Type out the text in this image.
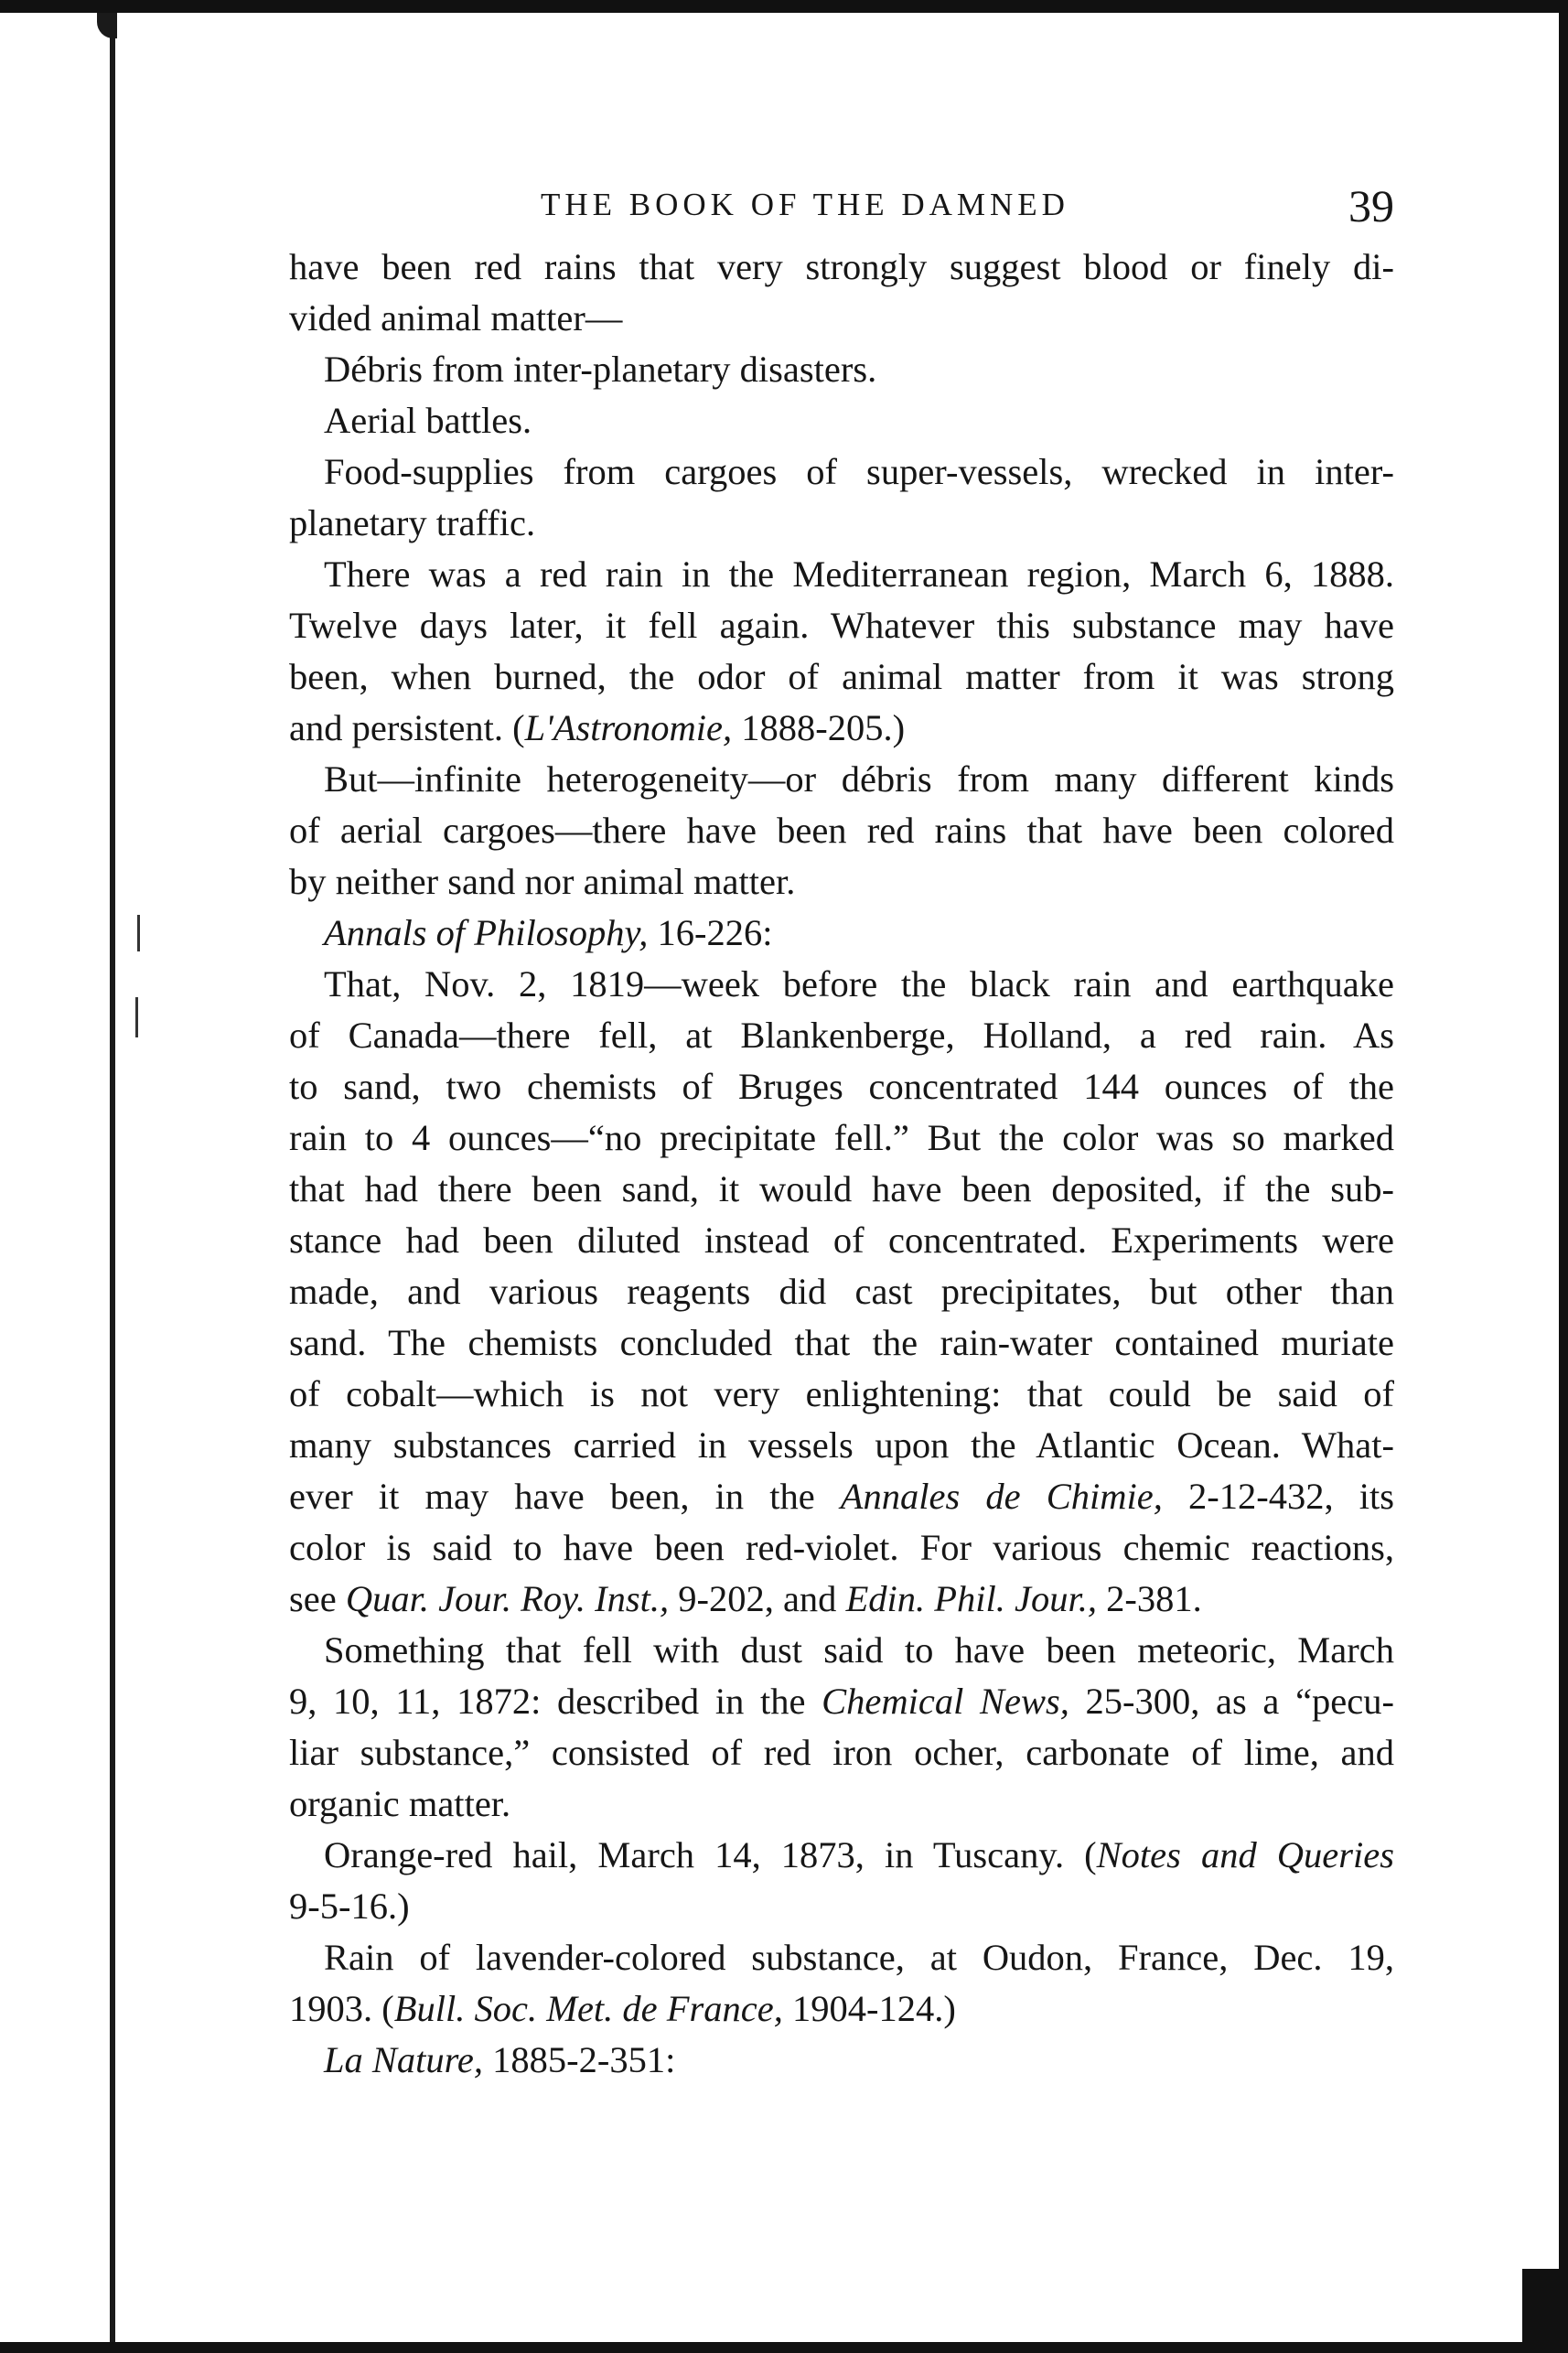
THE BOOK OF THE DAMNED	39
have been red rains that very strongly suggest blood or finely di-
vided animal matter—
Débris from inter-planetary disasters.
Aerial battles.
Food-supplies from cargoes of super-vessels, wrecked in inter-
planetary traffic.
There was a red rain in the Mediterranean region, March 6, 1888.
Twelve days later, it fell again. Whatever this substance may have
been, when burned, the odor of animal matter from it was strong
and persistent. (L'Astronomie, 1888-205.)
But—infinite heterogeneity—or débris from many different kinds
of aerial cargoes—there have been red rains that have been colored
by neither sand nor animal matter.
Annals of Philosophy, 16-226:
That, Nov. 2, 1819—week before the black rain and earthquake
of Canada—there fell, at Blankenberge, Holland, a red rain. As
to sand, two chemists of Bruges concentrated 144 ounces of the
rain to 4 ounces—“no precipitate fell.” But the color was so marked
that had there been sand, it would have been deposited, if the sub-
stance had been diluted instead of concentrated. Experiments were
made, and various reagents did cast precipitates, but other than
sand. The chemists concluded that the rain-water contained muriate
of cobalt—which is not very enlightening: that could be said of
many substances carried in vessels upon the Atlantic Ocean. What-
ever it may have been, in the Annales de Chimie, 2-12-432, its
color is said to have been red-violet. For various chemic reactions,
see Quar. Jour. Roy. Inst., 9-202, and Edin. Phil. Jour., 2-381.
Something that fell with dust said to have been meteoric, March
9, 10, 11, 1872: described in the Chemical News, 25-300, as a “pecu-
liar substance,” consisted of red iron ocher, carbonate of lime, and
organic matter.
Orange-red hail, March 14, 1873, in Tuscany. (Notes and Queries
9-5-16.)
Rain of lavender-colored substance, at Oudon, France, Dec. 19,
1903. (Bull. Soc. Met. de France, 1904-124.)
La Nature, 1885-2-351:
